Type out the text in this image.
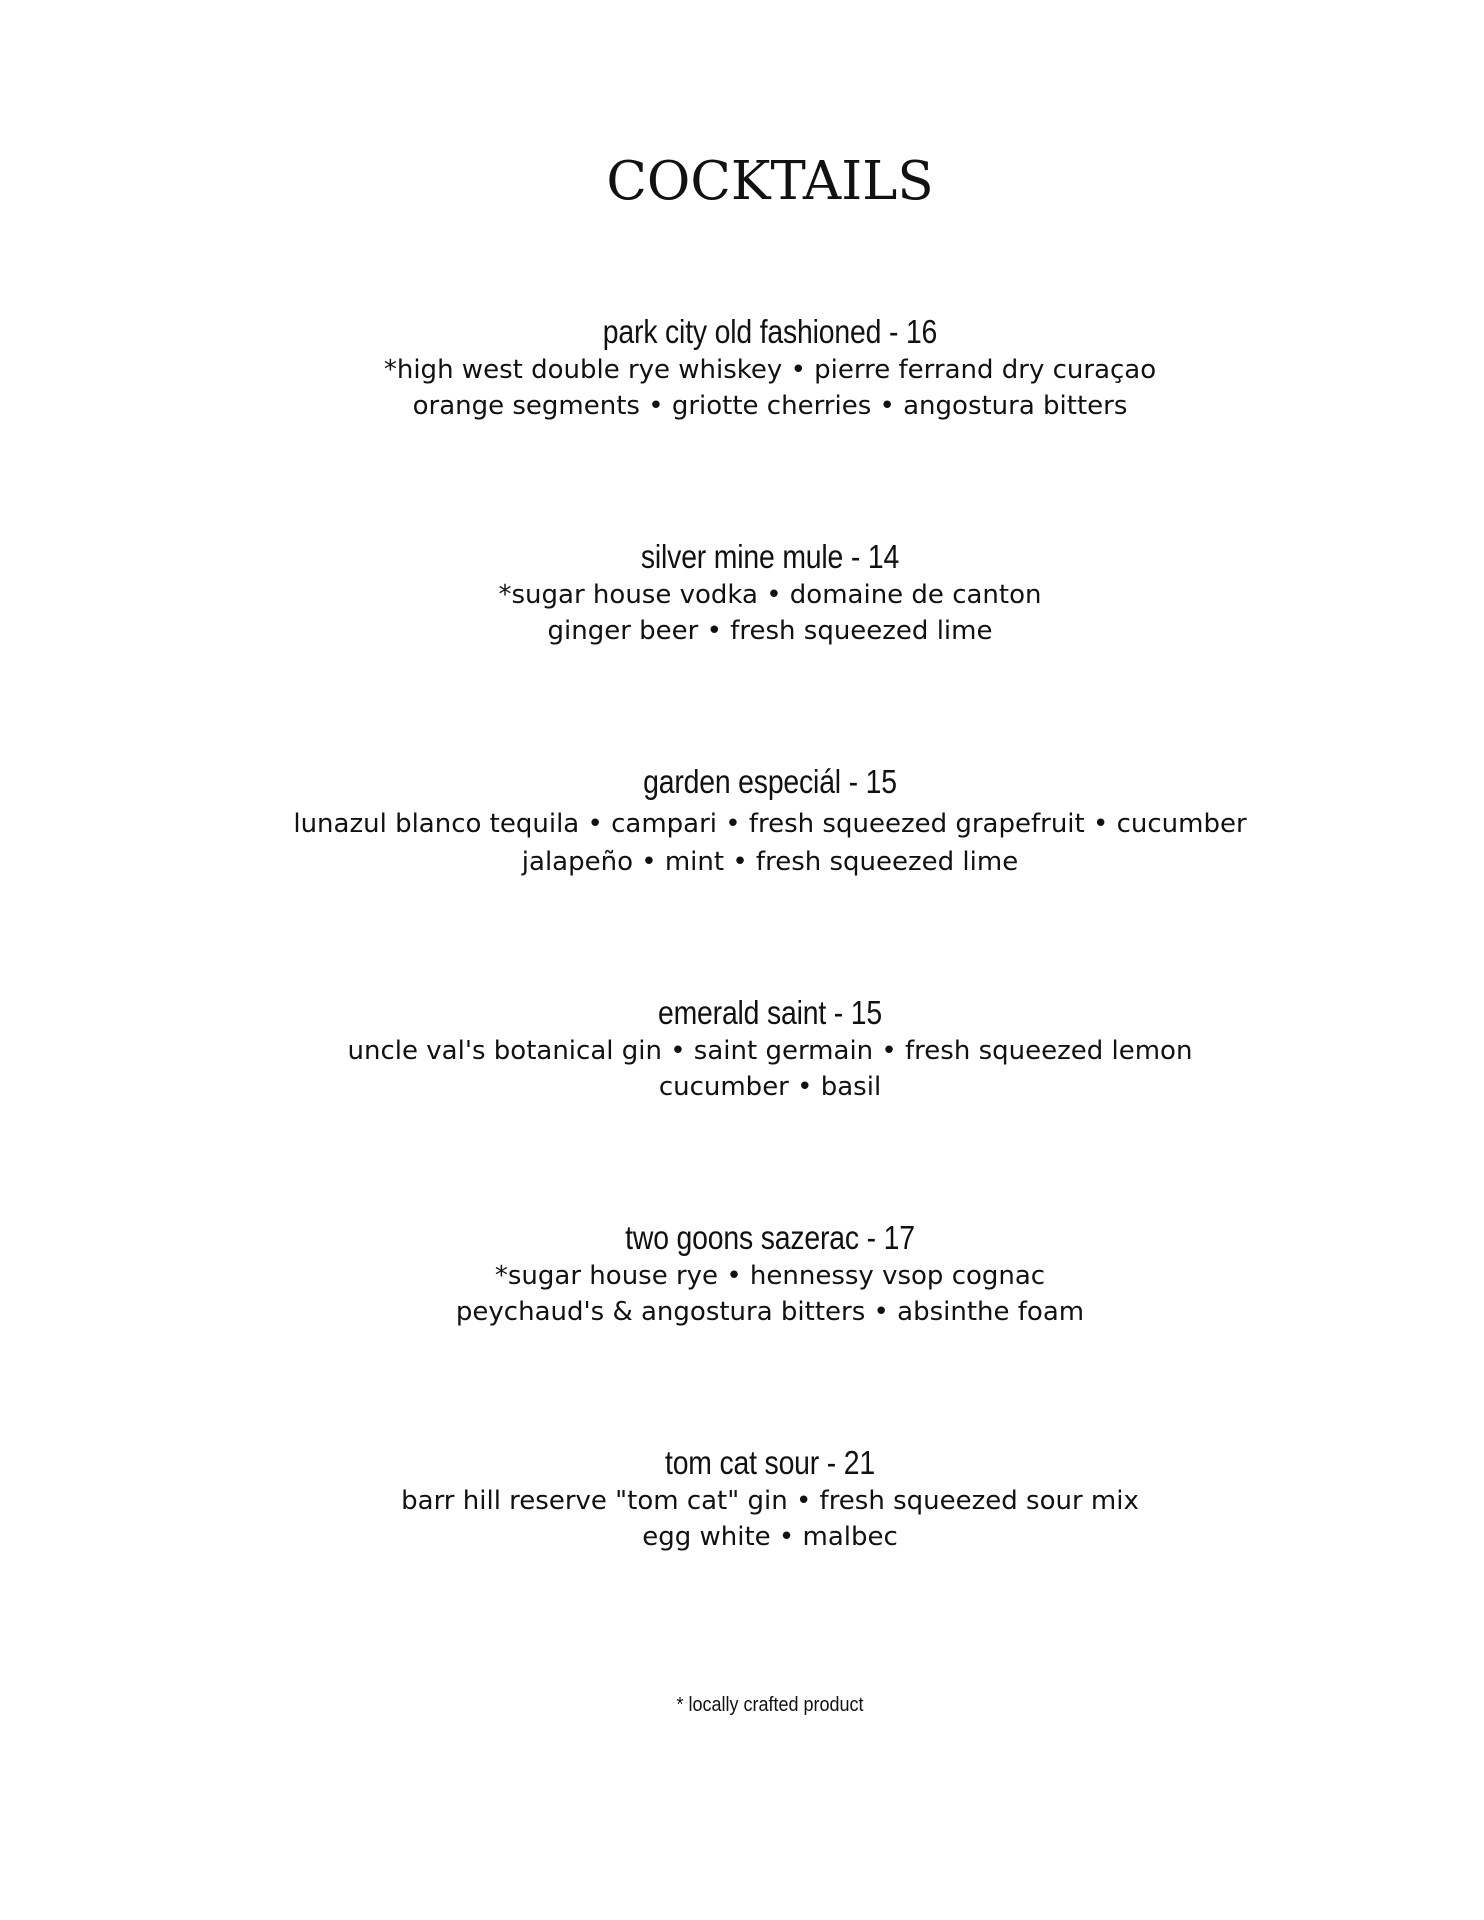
cocktails
park city old fashioned - 16
*high west double rye whiskey • pierre ferrand dry curaçao
orange segments • griotte cherries • angostura bitters
silver mine mule - 14
*sugar house vodka • domaine de canton
ginger beer • fresh squeezed lime
garden especiál - 15
lunazul blanco tequila • campari • fresh squeezed grapefruit • cucumber
jalapeño • mint • fresh squeezed lime
emerald saint - 15
uncle val's botanical gin • saint germain • fresh squeezed lemon
cucumber • basil
two goons sazerac - 17
*sugar house rye • hennessy vsop cognac
peychaud's & angostura bitters • absinthe foam
tom cat sour - 21
barr hill reserve "tom cat" gin • fresh squeezed sour mix
egg white • malbec
* locally crafted product
